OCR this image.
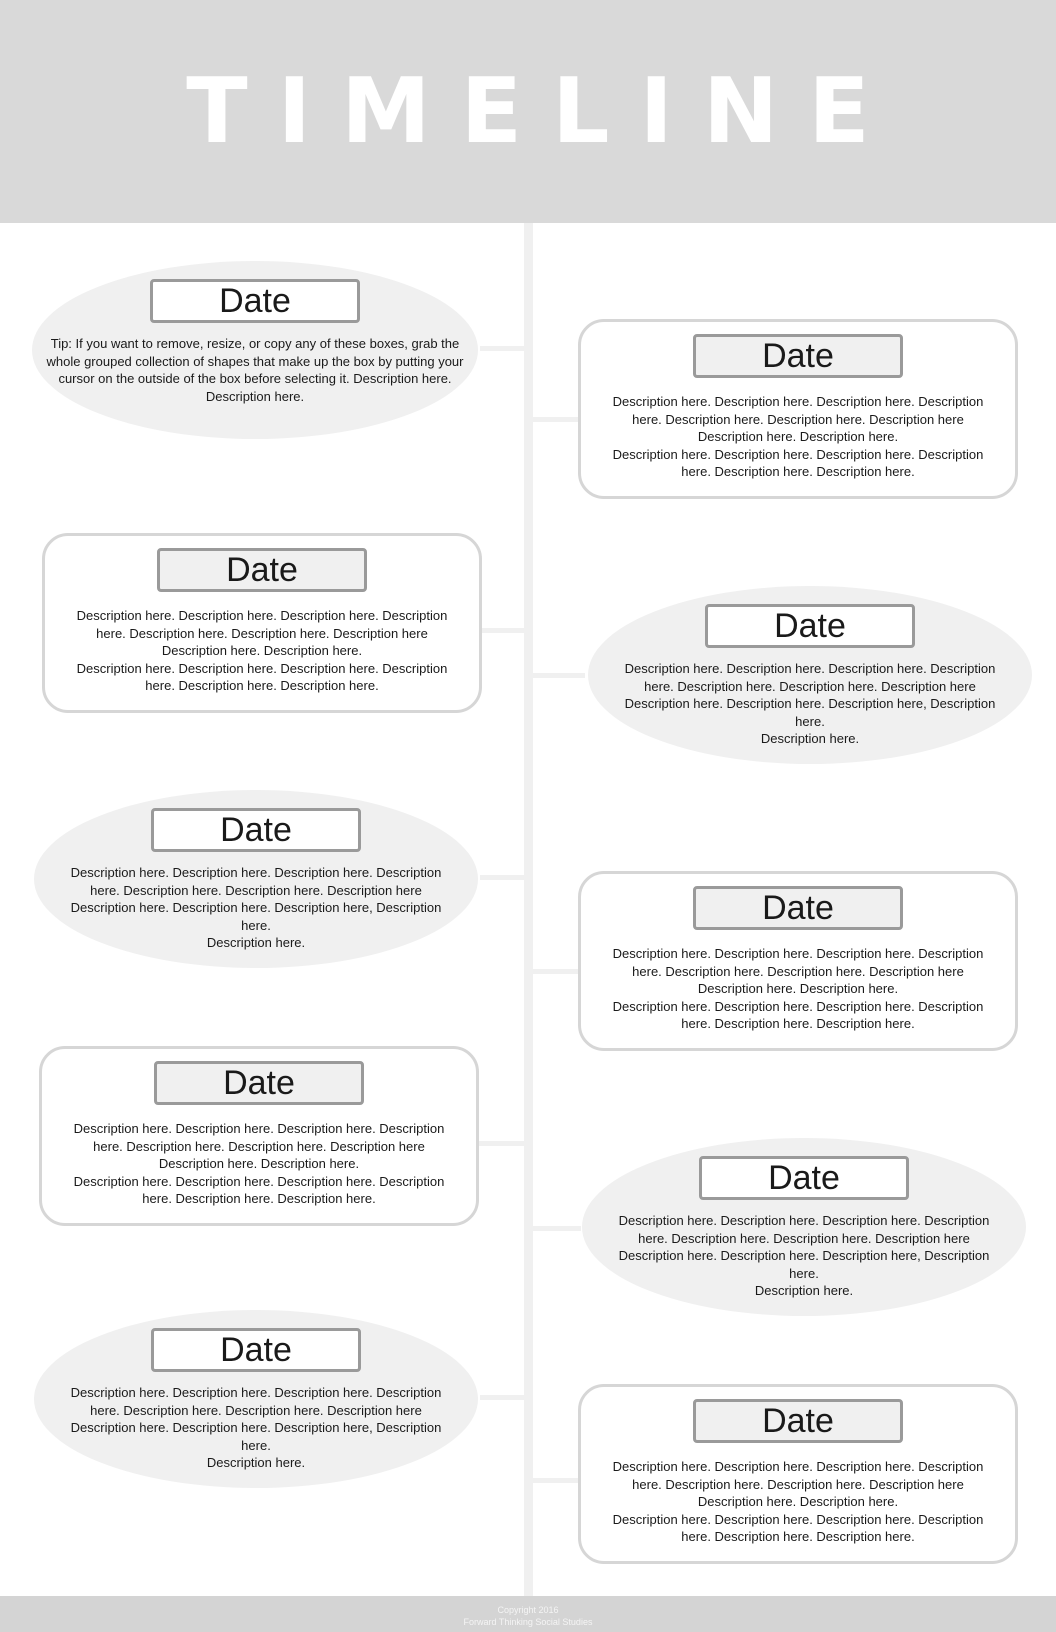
TIMELINE
Date
Tip: If you want to remove, resize, or copy any of these boxes, grab the whole grouped collection of shapes that make up the box by putting your cursor on the outside of the box before selecting it. Description here.
Description here.
Date
Description here. Description here. Description here. Description here. Description here. Description here. Description here Description here. Description here.
Description here. Description here. Description here. Description here. Description here. Description here.
Date
Description here. Description here. Description here. Description here. Description here. Description here. Description here Description here. Description here.
Description here. Description here. Description here. Description here. Description here. Description here.
Date
Description here. Description here. Description here. Description here. Description here. Description here. Description here Description here. Description here. Description here, Description here.
Description here.
Date
Description here. Description here. Description here. Description here. Description here. Description here. Description here Description here. Description here. Description here, Description here.
Description here.
Date
Description here. Description here. Description here. Description here. Description here. Description here. Description here Description here. Description here.
Description here. Description here. Description here. Description here. Description here. Description here.
Date
Description here. Description here. Description here. Description here. Description here. Description here. Description here Description here. Description here.
Description here. Description here. Description here. Description here. Description here. Description here.
Date
Description here. Description here. Description here. Description here. Description here. Description here. Description here Description here. Description here. Description here, Description here.
Description here.
Date
Description here. Description here. Description here. Description here. Description here. Description here. Description here Description here. Description here. Description here, Description here.
Description here.
Date
Description here. Description here. Description here. Description here. Description here. Description here. Description here Description here. Description here.
Description here. Description here. Description here. Description here. Description here. Description here.
Copyright 2016
Forward Thinking Social Studies
